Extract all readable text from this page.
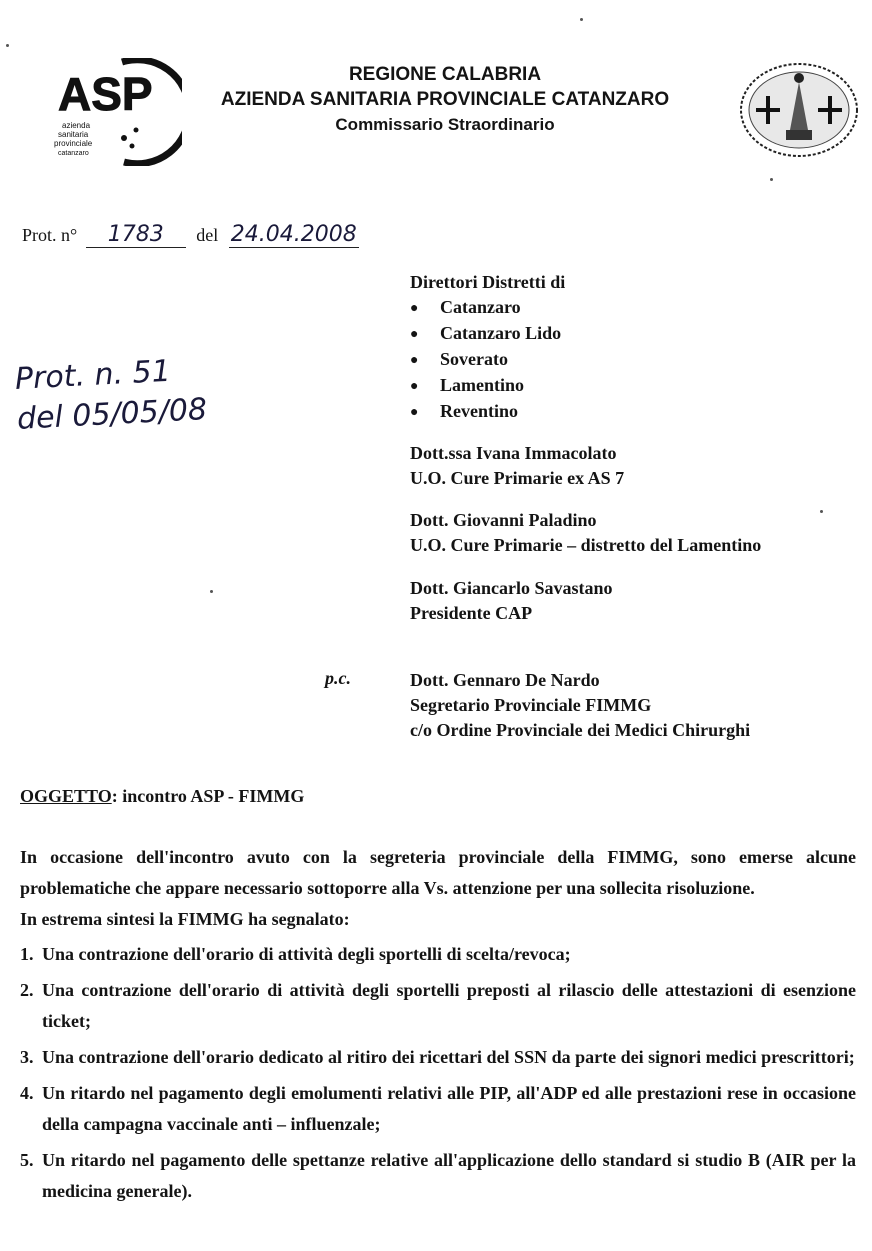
ASP
azienda
sanitaria
provinciale
catanzaro
REGIONE CALABRIA
AZIENDA SANITARIA PROVINCIALE CATANZARO
Commissario Straordinario
Prot. n° 1783 del 24.04.2008
Prot. n. 51
del 05/05/08
Direttori Distretti di
● Catanzaro
● Catanzaro Lido
● Soverato
● Lamentino
● Reventino
Dott.ssa Ivana Immacolato
U.O. Cure Primarie ex AS 7
Dott. Giovanni Paladino
U.O. Cure Primarie – distretto del Lamentino
Dott. Giancarlo Savastano
Presidente CAP
p.c.	Dott. Gennaro De Nardo
Segretario Provinciale FIMMG
c/o Ordine Provinciale dei Medici Chirurghi
OGGETTO: incontro ASP - FIMMG

In occasione dell'incontro avuto con la segreteria provinciale della FIMMG, sono emerse alcune problematiche che appare necessario sottoporre alla Vs. attenzione per una sollecita risoluzione.

In estrema sintesi la FIMMG ha segnalato:

1. Una contrazione dell'orario di attività degli sportelli di scelta/revoca;
2. Una contrazione dell'orario di attività degli sportelli preposti al rilascio delle attestazioni di esenzione ticket;
3. Una contrazione dell'orario dedicato al ritiro dei ricettari del SSN da parte dei signori medici prescrittori;
4. Un ritardo nel pagamento degli emolumenti relativi alle PIP, all'ADP ed alle prestazioni rese in occasione della campagna vaccinale anti – influenzale;
5. Un ritardo nel pagamento delle spettanze relative all'applicazione dello standard si studio B (AIR per la medicina generale).
